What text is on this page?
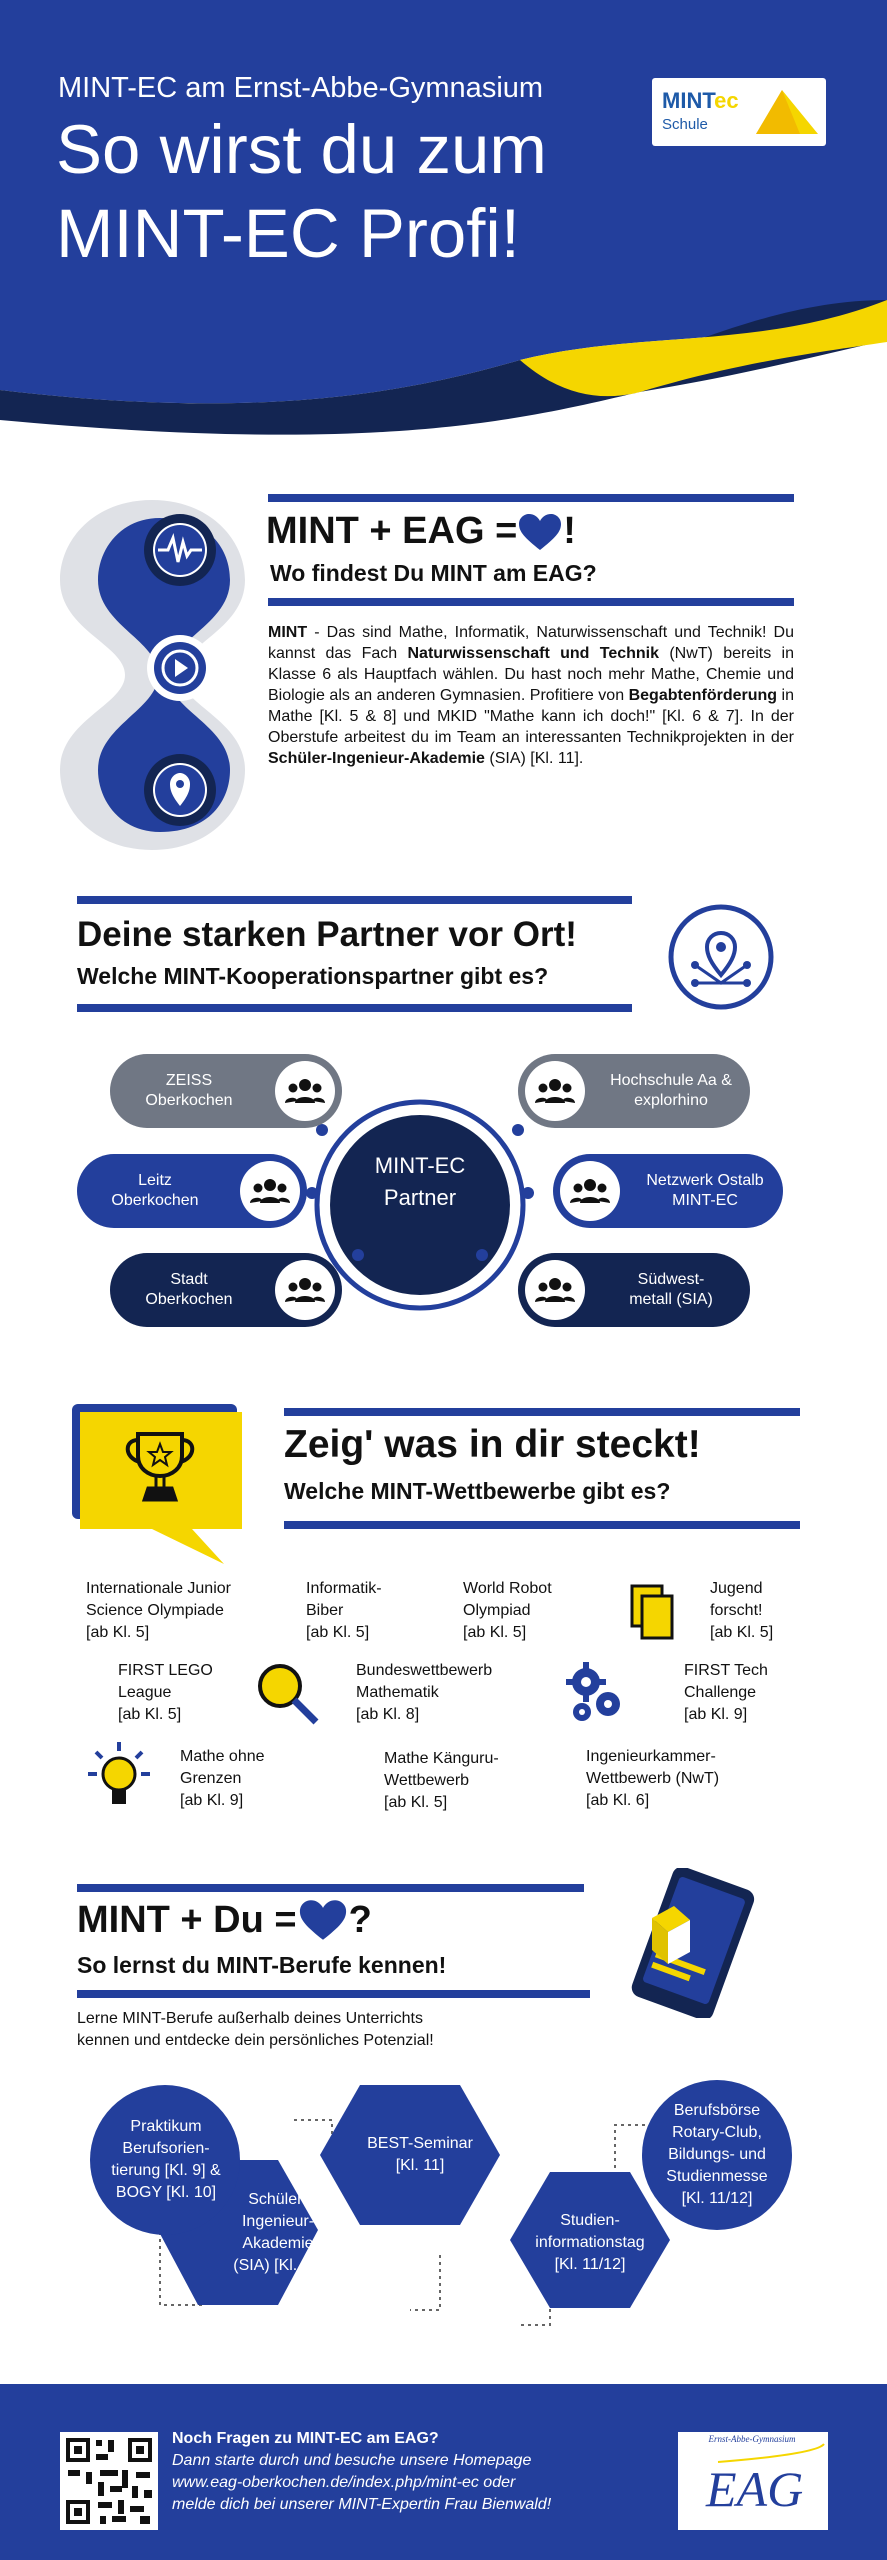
MINT-EC am Ernst-Abbe-Gymnasium
So wirst du zum
MINT-EC Profi!
MINTec
Schule
MINT + EAG = !
Wo findest Du MINT am EAG?
MINT - Das sind Mathe, Informatik, Naturwissenschaft und Technik! Du kannst das Fach Naturwissenschaft und Technik (NwT) bereits in Klasse 6 als Hauptfach wählen. Du hast noch mehr Mathe, Chemie und Biologie als an anderen Gymnasien. Profitiere von Begabtenförderung in Mathe [Kl. 5 & 8] und MKID "Mathe kann ich doch!" [Kl. 6 & 7]. In der Oberstufe arbeitest du im Team an interessanten Technikprojekten in der Schüler-Ingenieur-Akademie (SIA) [Kl. 11].
Deine starken Partner vor Ort!
Welche MINT-Kooperationspartner gibt es?
MINT-EC
Partner
ZEISS
Oberkochen
Hochschule Aa &
explorhino
Leitz
Oberkochen
Netzwerk Ostalb
MINT-EC
Stadt
Oberkochen
Südwest-
metall (SIA)
Zeig' was in dir steckt!
Welche MINT-Wettbewerbe gibt es?
Internationale Junior
Science Olympiade
[ab Kl. 5]
Informatik-
Biber
[ab Kl. 5]
World Robot
Olympiad
[ab Kl. 5]
Jugend
forscht!
[ab Kl. 5]
FIRST LEGO
League
[ab Kl. 5]
Bundeswettbewerb
Mathematik
[ab Kl. 8]
FIRST Tech
Challenge
[ab Kl. 9]
Mathe ohne
Grenzen
[ab Kl. 9]
Mathe Känguru-
Wettbewerb
[ab Kl. 5]
Ingenieurkammer-
Wettbewerb (NwT)
[ab Kl. 6]
MINT + Du = ?
So lernst du MINT-Berufe kennen!
Lerne MINT-Berufe außerhalb deines Unterrichts
kennen und entdecke dein persönliches Potenzial!
Praktikum
Berufsorien-
tierung [Kl. 9] &
BOGY [Kl. 10]	Schüler-
Ingenieur-
Akademie
(SIA) [Kl. 11]
BEST-Seminar
[Kl. 11]
Studien-
informationstag
[Kl. 11/12]
Berufsbörse
Rotary-Club,
Bildungs- und
Studienmesse
[Kl. 11/12]
Noch Fragen zu MINT-EC am EAG?
Dann starte durch und besuche unsere Homepage
www.eag-oberkochen.de/index.php/mint-ec oder
melde dich bei unserer MINT-Expertin Frau Bienwald!
Ernst-Abbe-Gymnasium
EAG
